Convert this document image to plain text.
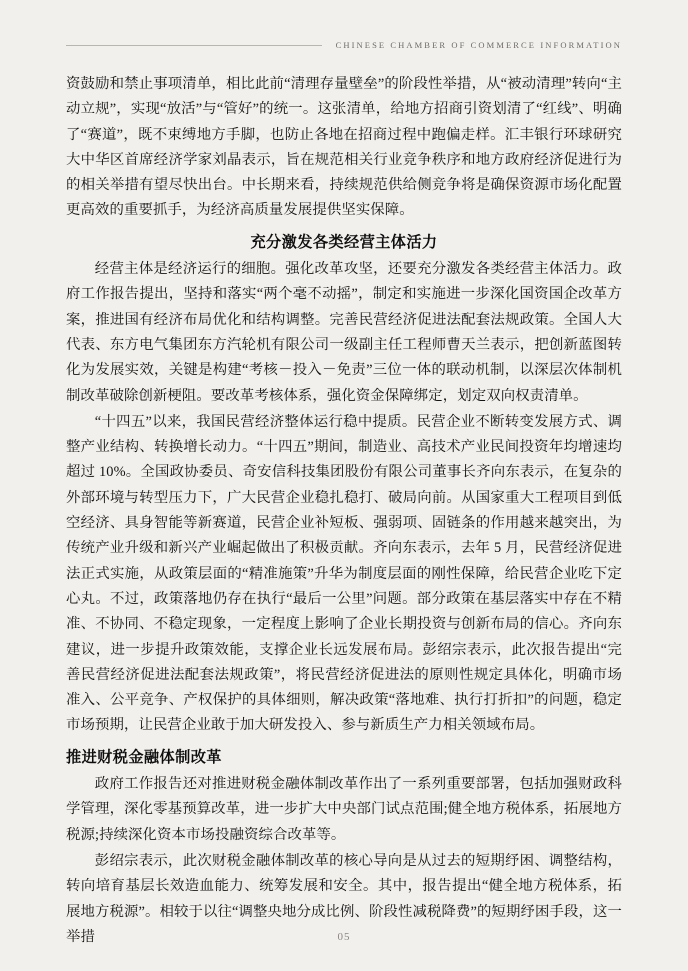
CHINESE CHAMBER OF COMMERCE INFORMATION

资鼓励和禁止事项清单，相比此前“清理存量壁垒”的阶段性举措，从“被动清理”转向“主动立规”，实现“放活”与“管好”的统一。这张清单，给地方招商引资划清了“红线”、明确了“赛道”，既不束缚地方手脚，也防止各地在招商过程中跑偏走样。汇丰银行环球研究大中华区首席经济学家刘晶表示，旨在规范相关行业竞争秩序和地方政府经济促进行为的相关举措有望尽快出台。中长期来看，持续规范供给侧竞争将是确保资源市场化配置更高效的重要抓手，为经济高质量发展提供坚实保障。

充分激发各类经营主体活力

经营主体是经济运行的细胞。强化改革攻坚，还要充分激发各类经营主体活力。政府工作报告提出，坚持和落实“两个毫不动摇”，制定和实施进一步深化国资国企改革方案，推进国有经济布局优化和结构调整。完善民营经济促进法配套法规政策。全国人大代表、东方电气集团东方汽轮机有限公司一级副主任工程师曹天兰表示，把创新蓝图转化为发展实效，关键是构建“考核－投入－免责”三位一体的联动机制，以深层次体制机制改革破除创新梗阻。要改革考核体系，强化资金保障绑定，划定双向权责清单。

“十四五”以来，我国民营经济整体运行稳中提质。民营企业不断转变发展方式、调整产业结构、转换增长动力。“十四五”期间，制造业、高技术产业民间投资年均增速均超过 10%。全国政协委员、奇安信科技集团股份有限公司董事长齐向东表示，在复杂的外部环境与转型压力下，广大民营企业稳扎稳打、破局向前。从国家重大工程项目到低空经济、具身智能等新赛道，民营企业补短板、强弱项、固链条的作用越来越突出，为传统产业升级和新兴产业崛起做出了积极贡献。齐向东表示，去年 5 月，民营经济促进法正式实施，从政策层面的“精准施策”升华为制度层面的刚性保障，给民营企业吃下定心丸。不过，政策落地仍存在执行“最后一公里”问题。部分政策在基层落实中存在不精准、不协同、不稳定现象，一定程度上影响了企业长期投资与创新布局的信心。齐向东建议，进一步提升政策效能，支撑企业长远发展布局。彭绍宗表示，此次报告提出“完善民营经济促进法配套法规政策”，将民营经济促进法的原则性规定具体化，明确市场准入、公平竞争、产权保护的具体细则，解决政策“落地难、执行打折扣”的问题，稳定市场预期，让民营企业敢于加大研发投入、参与新质生产力相关领域布局。

推进财税金融体制改革

政府工作报告还对推进财税金融体制改革作出了一系列重要部署，包括加强财政科学管理，深化零基预算改革，进一步扩大中央部门试点范围;健全地方税体系，拓展地方税源;持续深化资本市场投融资综合改革等。

彭绍宗表示，此次财税金融体制改革的核心导向是从过去的短期纾困、调整结构，转向培育基层长效造血能力、统筹发展和安全。其中，报告提出“健全地方税体系，拓展地方税源”。相较于以往“调整央地分成比例、阶段性减税降费”的短期纾困手段，这一举措	05
